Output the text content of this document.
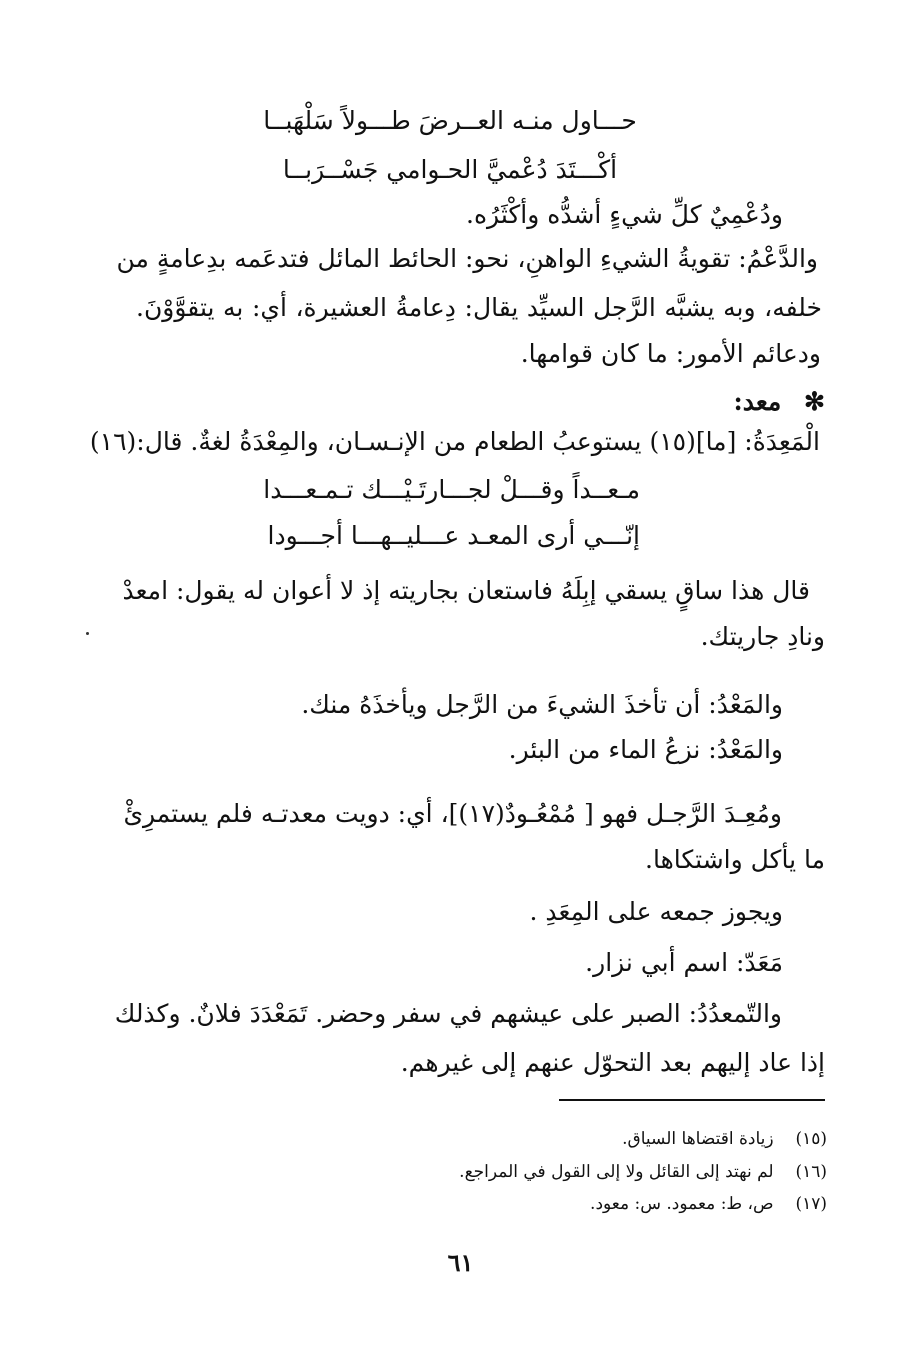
حـــاول منـه العــرضَ طـــولاً سَلْهَبــا
أكْـــتَدَ دُعْميَّ الحـوامي جَسْــرَبــا
ودُعْمِيٌ كلِّ شيءٍ أشدُّه وأكْثَرُه.
والدَّعْمُ: تقويةُ الشيءِ الواهنِ، نحو: الحائط المائل فتدعَمه بدِعامةٍ من
خلفه، وبه يشبَّه الرَّجل السيِّد يقال: دِعامةُ العشيرة، أي: به يتقوَّوْنَ.
ودعائم الأمور: ما كان قوامها.
✻ معد:
الْمَعِدَةُ: [ما](١٥) يستوعبُ الطعام من الإنـسـان، والمِعْدَةُ لغةٌ. قال:(١٦)
مـعــداً وقـــلْ لجـــارتَـيْـــك تـمـعـــدا
إنّـــي أرى المعـد عـــليــهـــا أجـــودا
قال هذا ساقٍ يسقي إبِلَهُ فاستعان بجاريته إذ لا أعوان له يقول: امعدْ
ونادِ جاريتك.
والمَعْدُ: أن تأخذَ الشيءَ من الرَّجل ويأخذَهُ منك.
والمَعْدُ: نزعُ الماء من البئر.
ومُعِـدَ الرَّجـل فهو [ مُمْعُـودٌ(١٧)]، أي: دويت معدتـه فلم يستمرِئْ
ما يأكل واشتكاها.
ويجوز جمعه على المِعَدِ .
مَعَدّ: اسم أبي نزار.
والتّمعدُدُ: الصبر على عيشهم في سفر وحضر. تَمَعْدَدَ فلانٌ. وكذلك
إذا عاد إليهم بعد التحوّل عنهم إلى غيرهم.
(١٥) زيادة اقتضاها السياق.
(١٦) لم نهتد إلى القائل ولا إلى القول في المراجع.
(١٧) ص، ط: معمود. س: معود.
٦١
